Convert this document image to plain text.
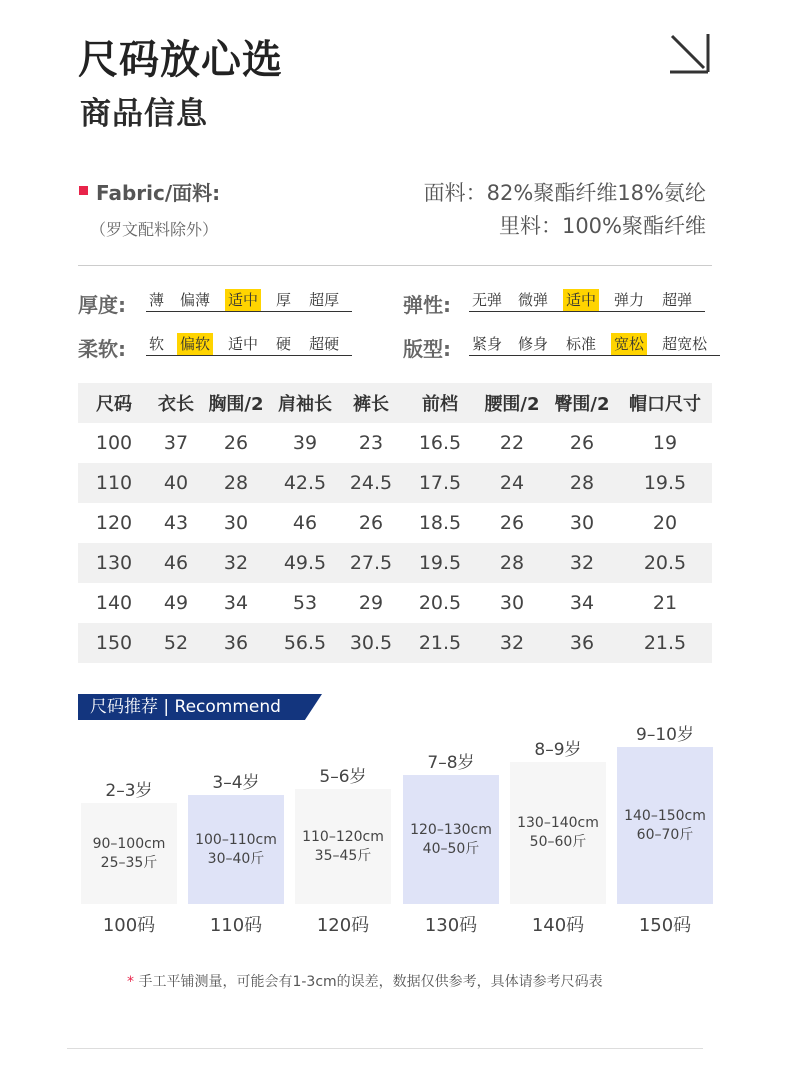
尺码放心选
商品信息
Fabric/面料:
（罗文配料除外）
面料：82%聚酯纤维18%氨纶
里料：100%聚酯纤维
厚度: 薄 偏薄 适中 厚 超厚	弹性: 无弹 微弹 适中 弹力 超弹
柔软: 软 偏软 适中 硬 超硬	版型: 紧身 修身 标准 宽松 超宽松
尺码	衣长	胸围/2	肩袖长	裤长	前档	腰围/2	臀围/2	帽口尺寸
100	37	26	39	23	16.5	22	26	19
110	40	28	42.5	24.5	17.5	24	28	19.5
120	43	30	46	26	18.5	26	30	20
130	46	32	49.5	27.5	19.5	28	32	20.5
140	49	34	53	29	20.5	30	34	21
150	52	36	56.5	30.5	21.5	32	36	21.5
尺码推荐 | Recommend
2–3岁
90–100cm
25–35斤
100码
3–4岁
100–110cm
30–40斤
110码
5–6岁
110–120cm
35–45斤
120码
7–8岁
120–130cm
40–50斤
130码
8–9岁
130–140cm
50–60斤
140码
9–10岁
140–150cm
60–70斤
150码
* 手工平铺测量，可能会有1-3cm的误差，数据仅供参考，具体请参考尺码表
